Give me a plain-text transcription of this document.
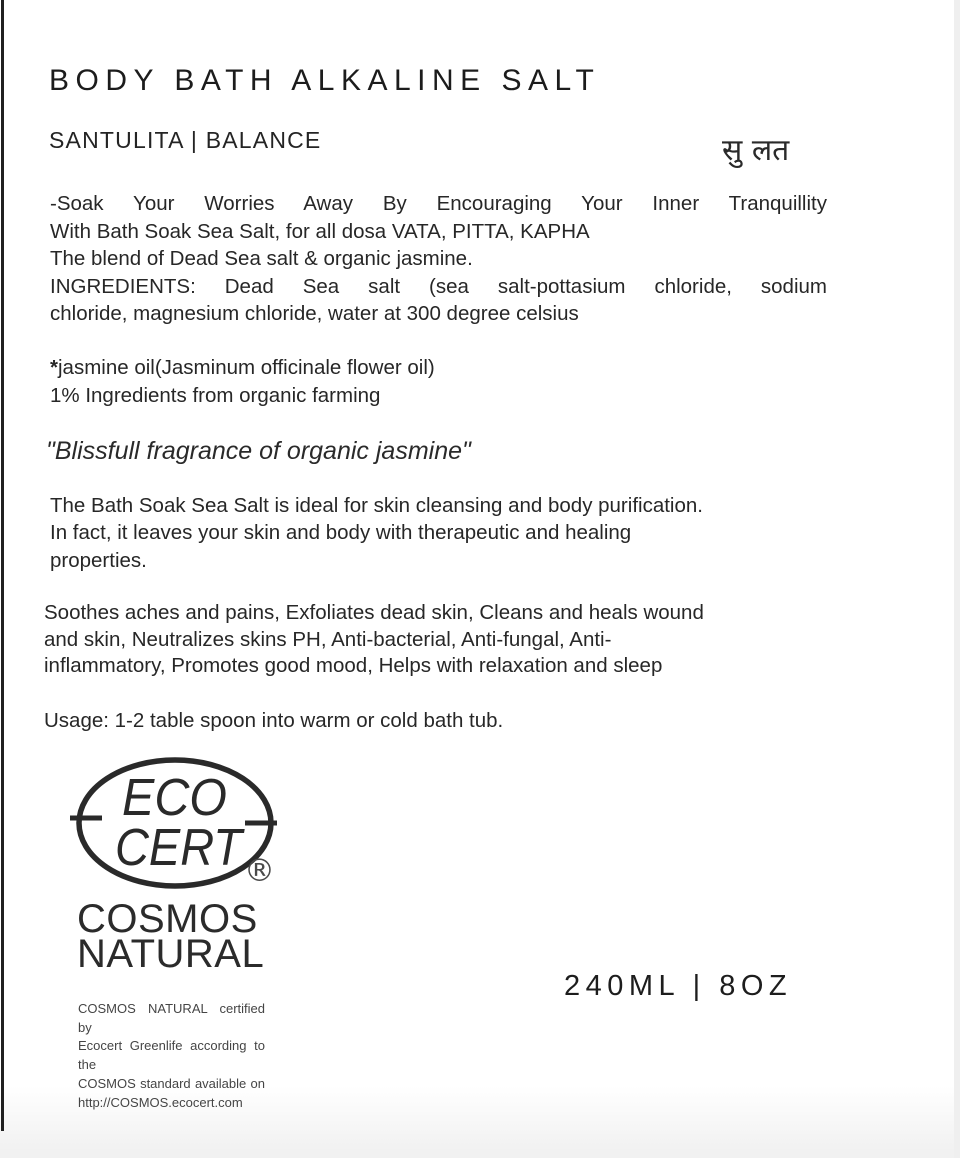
BODY BATH ALKALINE SALT
SANTULITA | BALANCE	सु लत
-Soak Your Worries Away By Encouraging Your Inner Tranquillity
With Bath Soak Sea Salt, for all dosa VATA, PITTA, KAPHA
The blend of Dead Sea salt & organic jasmine.
INGREDIENTS: Dead Sea salt (sea salt-pottasium chloride, sodium
chloride, magnesium chloride, water at 300 degree celsius
*jasmine oil(Jasminum officinale flower oil)
1% Ingredients from organic farming
"Blissfull fragrance of organic jasmine"
The Bath Soak Sea Salt is ideal for skin cleansing and body purification.
In fact, it leaves your skin and body with therapeutic and healing
properties.
Soothes aches and pains, Exfoliates dead skin, Cleans and heals wound
and skin, Neutralizes skins PH, Anti-bacterial, Anti-fungal, Anti-
inflammatory, Promotes good mood, Helps with relaxation and sleep
Usage: 1-2 table spoon into warm or cold bath tub.
ECO
CERT ®
COSMOS
NATURAL
COSMOS NATURAL certified by
Ecocert Greenlife according to the
COSMOS standard available on
http://COSMOS.ecocert.com
240ML | 8OZ
